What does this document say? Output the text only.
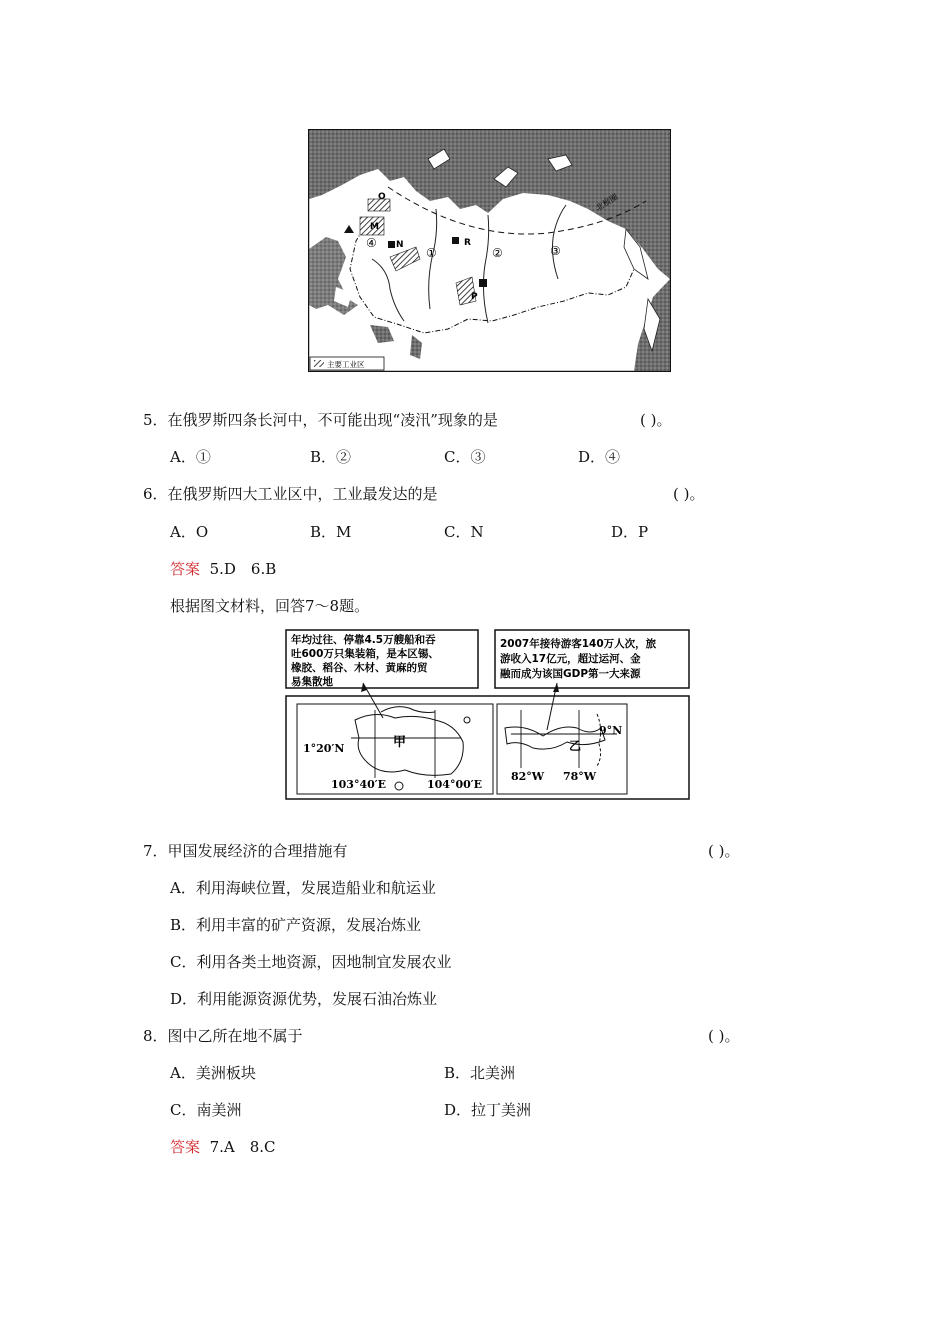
北极圈
O
M
N	R
P
①	②	③
④
主要工业区
5．在俄罗斯四条长河中，不可能出现“凌汛”现象的是	( )。
A．①	B．②	C．③	D．④
6．在俄罗斯四大工业区中，工业最发达的是	( )。
A．O	B．M	C．N	D．P
答案 5.D　6.B
根据图文材料，回答7～8题。
年均过往、停靠4.5万艘船和吞
吐600万只集装箱，是本区锡、
橡胶、稻谷、木材、黄麻的贸
易集散地
2007年接待游客140万人次，旅
游收入17亿元，超过运河、金
融而成为该国GDP第一大来源
甲
1°20′N
103°40′E	104°00′E
乙
9°N
82°W 78°W
7．甲国发展经济的合理措施有	( )。
A．利用海峡位置，发展造船业和航运业
B．利用丰富的矿产资源，发展冶炼业
C．利用各类土地资源，因地制宜发展农业
D．利用能源资源优势，发展石油冶炼业
8．图中乙所在地不属于	( )。
A．美洲板块	B．北美洲
C．南美洲	D．拉丁美洲
答案 7.A　8.C
